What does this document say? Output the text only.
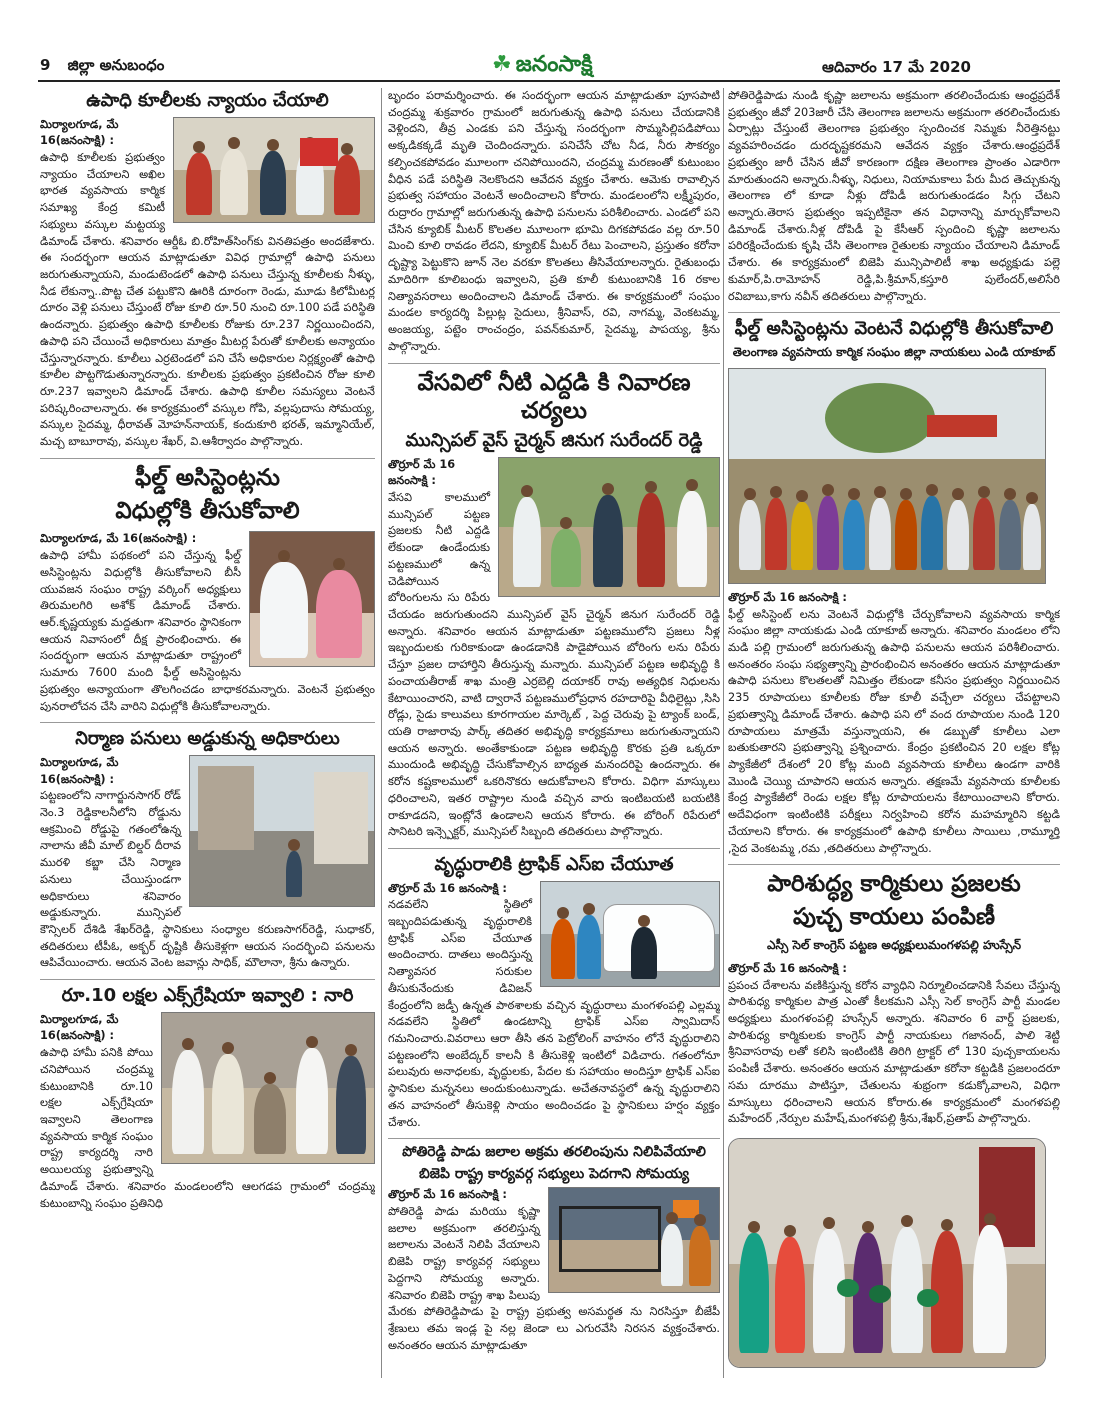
9 జిల్లా అనుబంధం	☘ జనంసాక్షి	ఆదివారం 17 మే 2020
ఉపాధి కూలీలకు న్యాయం చేయాలి
మిర్యాలగూడ, మే 16(జనంసాక్షి) :

ఉపాధి కూలీలకు ప్రభుత్వం న్యాయం చేయాలని అఖిల భారత వ్యవసాయ కార్మిక సమాఖ్య కేంద్ర కమిటీ సభ్యులు వస్కుల మట్టయ్య డిమాండ్ చేశారు. శనివారం ఆర్డీఓ బి.రోహిత్‌సింగ్‌కు వినతిపత్రం అందజేశారు. ఈ సందర్భంగా ఆయన మాట్లాడుతూ వివిధ గ్రామాల్లో ఉపాధి పనులు జరుగుతున్నాయని, మండుటెండలో ఉపాధి పనులు చేస్తున్న కూలీలకు నీళ్ళు, నీడ లేకున్నా..పొట్ట చేత పట్టుకొని ఊరికి దూరంగా రెండు, మూడు కిలోమీటర్ల దూరం వెళ్లి పనులు చేస్తుంటే రోజు కూలి రూ.50 నుంచి రూ.100 పడే పరిస్థితి ఉందన్నారు. ప్రభుత్వం ఉపాధి కూలీలకు రోజుకు రూ.237 నిర్ణయించిందని, ఉపాధి పని చేయించే అధికారులు మాత్రం మీటర్ల పేరుతో కూలీలకు అన్యాయం చేస్తున్నారన్నారు. కూలీలు ఎర్రటెండలో పని చేసే అధికారుల నిర్లక్ష్యంతో ఉపాధి కూలీల పొట్టగొడుతున్నారన్నారు. కూలీలకు ప్రభుత్వం ప్రకటించిన రోజు కూలి రూ.237 ఇవ్వాలని డిమాండ్ చేశారు. ఉపాధి కూలీల సమస్యలు వెంటనే పరిష్కరించాలన్నారు. ఈ కార్యక్రమంలో వస్కుల గోపి, వల్లపుదాసు సోమయ్య, వస్కుల సైదమ్మ, ధీరావత్ మోహన్‌నాయక్, కందుకూరి భరత్, ఇమ్మానియేల్, మచ్చ బాబూరావు, వస్కుల శేఖర్, వి.ఆశీర్వాదం పాల్గొన్నారు.

ఫీల్డ్ అసిస్టెంట్లను
విధుల్లోకి తీసుకోవాలి
మిర్యాలగూడ, మే 16(జనంసాక్షి) :

ఉపాధి హామీ పథకంలో పని చేస్తున్న ఫీల్డ్ అసిస్టెంట్లను విధుల్లోకి తీసుకోవాలని బీసీ యువజన సంఘం రాష్ట్ర వర్కింగ్ అధ్యక్షులు తిరుమలగిరి అశోక్ డిమాండ్ చేశారు. ఆర్.కృష్ణయ్యకు మద్దతుగా శనివారం స్థానికంగా ఆయన నివాసంలో దీక్ష ప్రారంభించారు. ఈ సందర్భంగా ఆయన మాట్లాడుతూ రాష్ట్రంలో సుమారు 7600 మంది ఫీల్డ్ అసిస్టెంట్లను ప్రభుత్వం అన్యాయంగా తొలగించడం బాధాకరమన్నారు. వెంటనే ప్రభుత్వం పునరాలోచన చేసి వారిని విధుల్లోకి తీసుకోవాలన్నారు.

నిర్మాణ పనులు అడ్డుకున్న అధికారులు
మిర్యాలగూడ, మే 16(జనంసాక్షి) :

పట్టణంలోని నాగార్జునసాగర్ రోడ్ నెం.3 రెడ్డికాలనీలోని రోడ్డును ఆక్రమించి రోడ్డుపై గతంలోఉన్న నాలాను జీవీ మాల్ బిల్డర్ దీరావ మురళి కబ్జా చేసి నిర్మాణ పనులు చేయిస్తుండగా అధికారులు శనివారం అడ్డుకున్నారు. మున్సిపల్ కౌన్సిలర్ దేశిడి శేఖర్‌రెడ్డి, స్థానికులు సంధ్యాల కరుణసాగర్‌రెడ్డి, సుధాకర్, తదితరులు టీపీఓ, అక్బర్ దృష్టికి తీసుకెళ్లగా ఆయన సందర్భించి పనులను ఆపివేయించారు. ఆయన వెంట జవాన్లు సాధిక్, మౌలానా, శ్రీను ఉన్నారు.

రూ.10 లక్షల ఎక్స్‌గ్రేషియా ఇవ్వాలి : నారి
మిర్యాలగూడ, మే 16(జనంసాక్షి) :

ఉపాధి హామీ పనికి పోయి చనిపోయిన చంద్రమ్మ కుటుంబానికి రూ.10 లక్షల ఎక్స్‌గ్రేషియా ఇవ్వాలని తెలంగాణ వ్యవసాయ కార్మిక సంఘం రాష్ట్ర కార్యదర్శి నారి అయిలయ్య ప్రభుత్వాన్ని డిమాండ్ చేశారు. శనివారం మండలంలోని ఆలగడప గ్రామంలో చంద్రమ్మ కుటుంబాన్ని సంఘం ప్రతినిధి

బృందం పరామర్శించారు. ఈ సందర్భంగా ఆయన మాట్లాడుతూ పూసపాటి చంద్రమ్మ శుక్రవారం గ్రామంలో జరుగుతున్న ఉపాధి పనులు చేయడానికి వెళ్లిందని, తీవ్ర ఎండకు పని చేస్తున్న సందర్భంగా సొమ్మసిల్లిపడిపోయి అక్కడికక్కడే మృతి చెందిందన్నారు. పనిచేసే చోట నీడ, నీరు సౌకర్యం కల్పించకపోవడం మూలంగా చనిపోయిందని, చంద్రమ్మ మరణంతో కుటుంబం వీధిన పడే పరిస్థితి నెలకొందని ఆవేదన వ్యక్తం చేశారు. ఆమెకు రావాల్సిన ప్రభుత్వ సహాయం వెంటనే అందించాలని కోరారు. మండలంలోని లక్ష్మీపురం, రుద్రారం గ్రామాల్లో జరుగుతున్న ఉపాధి పనులను పరిశీలించారు. ఎండలో పని చేసిన క్యూబిక్ మీటర్ కొలతల మూలంగా భూమి దిగకపోవడం వల్ల రూ.50 మించి కూలి రావడం లేదని, క్యూబిక్ మీటర్ రేటు పెంచాలని, ప్రస్తుతం కరోనా దృష్ట్యా పెట్టుకొని జూన్ నెల వరకూ కొలతలు తీసివేయాలన్నారు. రైతుబంధు మాదిరిగా కూలిబంధు ఇవ్వాలని, ప్రతి కూలీ కుటుంబానికి 16 రకాల నిత్యావసరాలు అందించాలని డిమాండ్ చేశారు. ఈ కార్యక్రమంలో సంఘం మండల కార్యదర్శి పిల్లుట్ల సైదులు, శ్రీనివాస్, రవి, నాగమ్మ, వెంకటమ్మ, అంజయ్య, పట్టెం రాంచంద్రం, పవన్‌కుమార్, సైదమ్మ, పాపయ్య, శ్రీను పాల్గొన్నారు.

వేసవిలో నీటి ఎద్దడి కి నివారణ చర్యలు
మున్సిపల్ వైస్ చైర్మన్ జినుగ సురేందర్ రెడ్డి
తొర్రూర్ మే 16 జనంసాక్షి :

వేసవి కాలములో మున్సిపల్ పట్టణ ప్రజలకు నీటి ఎద్దడి లేకుండా ఉండేందుకు పట్టణములో ఉన్న చెడిపోయిన బోరింగులను సు రిపేరు చేయడం జరుగుతుందని మున్సిపల్ వైస్ చైర్మన్ జినుగ సురేందర్ రెడ్డి అన్నారు. శనివారం ఆయన మాట్లాడుతూ పట్టణములోని ప్రజలు నీళ్ల ఇబ్బందులకు గురికాకుండా ఉండడానికి పాడైపోయిన బోరింగు లను రిపేరు చేస్తూ ప్రజల దాహార్తిని తీరుస్తున్న మన్నారు. మున్సిపల్ పట్టణ అభివృద్ధి కి పంచాయతీరాజ్ శాఖ మంత్రి ఎర్రబెల్లి దయాకర్ రావు అత్యధిక నిధులను కేటాయించారని, వాటి ద్వారానే పట్టణములోప్రధాన రహదారిపై వీధిలైట్లు ,సిసి రోడ్లు, సైడు కాలువలు కూరగాయల మార్కెట్ , పెద్ద చెరువు పై ట్యాంక్ బండ్, యతి రాజారావు పార్క్ తదితర అభివృద్ధి కార్యక్రమాలు జరుగుతున్నాయని ఆయన అన్నారు. అంతేకాకుండా పట్టణ అభివృద్ధి కొరకు ప్రతి ఒక్కరూ ముందుండి అభివృద్ధి చేసుకోవాల్సిన బాధ్యత మనందరిపై ఉందన్నారు. ఈ కరోన కష్టకాలములో ఒకరినొకరు ఆదుకోవాలని కోరారు. విధిగా మాస్కులు ధరించాలని, ఇతర రాష్ట్రాల నుండి వచ్చిన వారు ఇంటిబయటి బయటికి రాకూడదని, ఇంట్లోనే ఉండాలని ఆయన కోరారు. ఈ బోరింగ్ రిపేరులో సానిటరి ఇన్స్పెక్టర్, మున్సిపల్ సిబ్బంది తదితరులు పాల్గొన్నారు.

వృద్ధురాలికి ట్రాఫిక్ ఎస్ఐ చేయూత
తొర్రూర్ మే 16 జనంసాక్షి :

నడవలేని స్థితిలో ఇబ్బందిపడుతున్న వృద్ధురాలికి ట్రాఫిక్ ఎస్ఐ చేయూత అందించారు. దాతలు అందిస్తున్న నిత్యావసర సరుకుల తీసుకునేందుకు డివిజన్ కేంద్రంలోని జడ్పీ ఉన్నత పాఠశాలకు వచ్చిన వృద్ధురాలు మంగళంపల్లి ఎల్లమ్మ నడవలేని స్థితిలో ఉండటాన్ని ట్రాఫిక్ ఎస్ఐ స్వామిదాస్ గమనించారు.వివరాలు ఆరా తీసి తన పెట్రోలింగ్ వాహనం లోనే వృద్ధురాలిని పట్టణంలోని అంబేద్కర్ కాలనీ కి తీసుకెళ్లి ఇంటిలో విడిచారు. గతంలోనూ పలువురు అనాధలకు, వృద్ధులకు, పేదల కు సహాయం అందిస్తూ ట్రాఫిక్ ఎస్ఐ స్థానికుల మన్ననలు అందుకుంటున్నాడు. అచేతనావస్థలో ఉన్న వృద్ధురాలిని తన వాహనంలో తీసుకెళ్లి సాయం అందించడం పై స్థానికులు హర్షం వ్యక్తం చేశారు.

పోతిరెడ్డి పాడు జలాల అక్రమ తరలింపును నిలిపివేయాలి
బిజెపి రాష్ట్ర కార్యవర్గ సభ్యులు పెదగాని సోమయ్య
తొర్రూర్ మే 16 జనంసాక్షి :

పోతిరెడ్డి పాడు మరియు కృష్ణా జలాల అక్రమంగా తరలిస్తున్న జలాలను వెంటనే నిలిపి వేయాలని బిజెపి రాష్ట్ర కార్యవర్గ సభ్యులు పెద్దగాని సోమయ్య అన్నారు. శనివారం బిజెపి రాష్ట్ర శాఖ పిలుపు మేరకు పోతిరెడ్డిపాడు పై రాష్ట్ర ప్రభుత్వ అసమర్థత ను నిరసిస్తూ బీజేపీ శ్రేణులు తమ ఇండ్ల పై నల్ల జెండా లు ఎగురవేసి నిరసన వ్యక్తంచేశారు. అనంతరం ఆయన మాట్లాడుతూ

పోతిరెడ్డిపాడు నుండి కృష్ణా జలాలను అక్రమంగా తరలించేందుకు ఆంధ్రప్రదేశ్ ప్రభుత్వం జీవో 203జారీ చేసి తెలంగాణ జలాలను అక్రమంగా తరలించేందుకు ఏర్పాట్లు చేస్తుంటే తెలంగాణ ప్రభుత్వం స్పందించక నిమ్మకు నీరెత్తినట్టు వ్యవహరించడం దురదృష్టకరమని ఆవేదన వ్యక్తం చేశారు.ఆంధ్రప్రదేశ్ ప్రభుత్వం జారీ చేసిన జీవో కారణంగా దక్షిణ తెలంగాణ ప్రాంతం ఎడారిగా మారుతుందని అన్నారు.నీళ్ళు, నిధులు, నియామకాలు పేరు మీద తెచ్చుకున్న తెలంగాణ లో కూడా నీళ్లు దోపిడీ జరుగుతుండడం సిగ్గు చేటని అన్నారు.తెరాస ప్రభుత్వం ఇప్పటికైనా తన విధానాన్ని మార్చుకోవాలని డిమాండ్ చేశారు.నీళ్ల దోపిడీ పై కేసీఆర్ స్పందించి కృష్ణా జలాలను పరిరక్షించేందుకు కృషి చేసి తెలంగాణ రైతులకు న్యాయం చేయాలని డిమాండ్ చేశారు. ఈ కార్యక్రమంలో బిజెపి మున్సిపాలిటీ శాఖ అధ్యక్షుడు పల్లె కుమార్,పి.రామోహన్ రెడ్డి,పి.శ్రీమాన్,కస్తూరి పులేందర్,అలిసేరి రవిబాబు,కాగు నవీన్ తదితరులు పాల్గొన్నారు.

ఫీల్డ్ అసిస్టెంట్లను వెంటనే విధుల్లోకి తీసుకోవాలి
తెలంగాణ వ్యవసాయ కార్మిక సంఘం జిల్లా నాయకులు ఎండి యాకూబ్
తొర్రూర్ మే 16 జనంసాక్షి :

ఫీల్డ్ అసిస్టెంట్ లను వెంటనే విధుల్లోకి చేర్చుకోవాలని వ్యవసాయ కార్మిక సంఘం జిల్లా నాయకుడు ఎండి యాకూబ్ అన్నారు. శనివారం మండలం లోని మడి పల్లి గ్రామంలో జరుగుతున్న ఉపాధి పనులను ఆయన పరిశీలించారు. అనంతరం సంఘ సభ్యత్వాన్ని ప్రారంభించిన అనంతరం ఆయన మాట్లాడుతూ ఉపాధి పనులు కొలతలతో నిమిత్తం లేకుండా కనీసం ప్రభుత్వం నిర్ణయించిన 235 రూపాయలు కూలీలకు రోజు కూలీ వచ్చేలా చర్యలు చేపట్టాలని ప్రభుత్వాన్ని డిమాండ్ చేశారు. ఉపాధి పని లో వంద రూపాయల నుండి 120 రూపాయలు మాత్రమే వస్తున్నాయని, ఈ డబ్బుతో కూలీలు ఎలా బతుకుతారని ప్రభుత్వాన్ని ప్రశ్నించారు. కేంద్రం ప్రకటించిన 20 లక్షల కోట్ల ప్యాకేజీలో దేశంలో 20 కోట్ల మంది వ్యవసాయ కూలీలు ఉండగా వారికి మొండి చెయ్యి చూపారని ఆయన అన్నారు. తక్షణమే వ్యవసాయ కూలీలకు కేంద్ర ప్యాకేజీలో రెండు లక్షల కోట్ల రూపాయలను కేటాయించాలని కోరారు. అదేవిధంగా ఇంటింటికి పరీక్షలు నిర్వహించి కరోన మహమ్మారిని కట్టడి చేయాలని కోరారు. ఈ కార్యక్రమంలో ఉపాధి కూలీలు సాయిలు ,రామ్మూర్తి ,సైద వెంకటమ్మ ,రమ ,తదితరులు పాల్గొన్నారు.

పారిశుద్ధ్య కార్మికులు ప్రజలకు
పుచ్చ కాయలు పంపిణీ
ఎస్సీ సెల్ కాంగ్రెస్ పట్టణ అధ్యక్షులుమంగళపల్లి హుస్సేన్
తొర్రూర్ మే 16 జనంసాక్షి :

ప్రపంచ దేశాలను వణికిస్తున్న కరోన వ్యాధిని నిర్మూలించడానికి సేవలు చేస్తున్న పారిశుధ్య కార్మికుల పాత్ర ఎంతో కీలకమని ఎస్సీ సెల్ కాంగ్రెస్ పార్టీ మండల అధ్యక్షులు మంగళంపల్లి హుస్సేన్ అన్నారు. శనివారం 6 వార్డ్ ప్రజలకు, పారిశుధ్య కార్మికులకు కాంగ్రెస్ పార్టీ నాయకులు గజానంద్, పాలి శెట్టి శ్రీనివాసరావు లతో కలిసి ఇంటింటికి తిరిగి ట్రాక్టర్ లో 130 పుచ్చకాయలను పంపిణీ చేశారు. అనంతరం ఆయన మాట్లాడుతూ కరోనా కట్టడికి ప్రజలందరూ సమ దూరము పాటిస్తూ, చేతులను శుభ్రంగా కడుక్కోవాలని, విధిగా మాస్కులు ధరించాలని ఆయన కోరారు.ఈ కార్యక్రమంలో మంగళపల్లి మహేందర్ ,నేర్పుల మహేష్,మంగళపల్లి శ్రీను,శేఖర్,ప్రతాప్ పాల్గొన్నారు.
